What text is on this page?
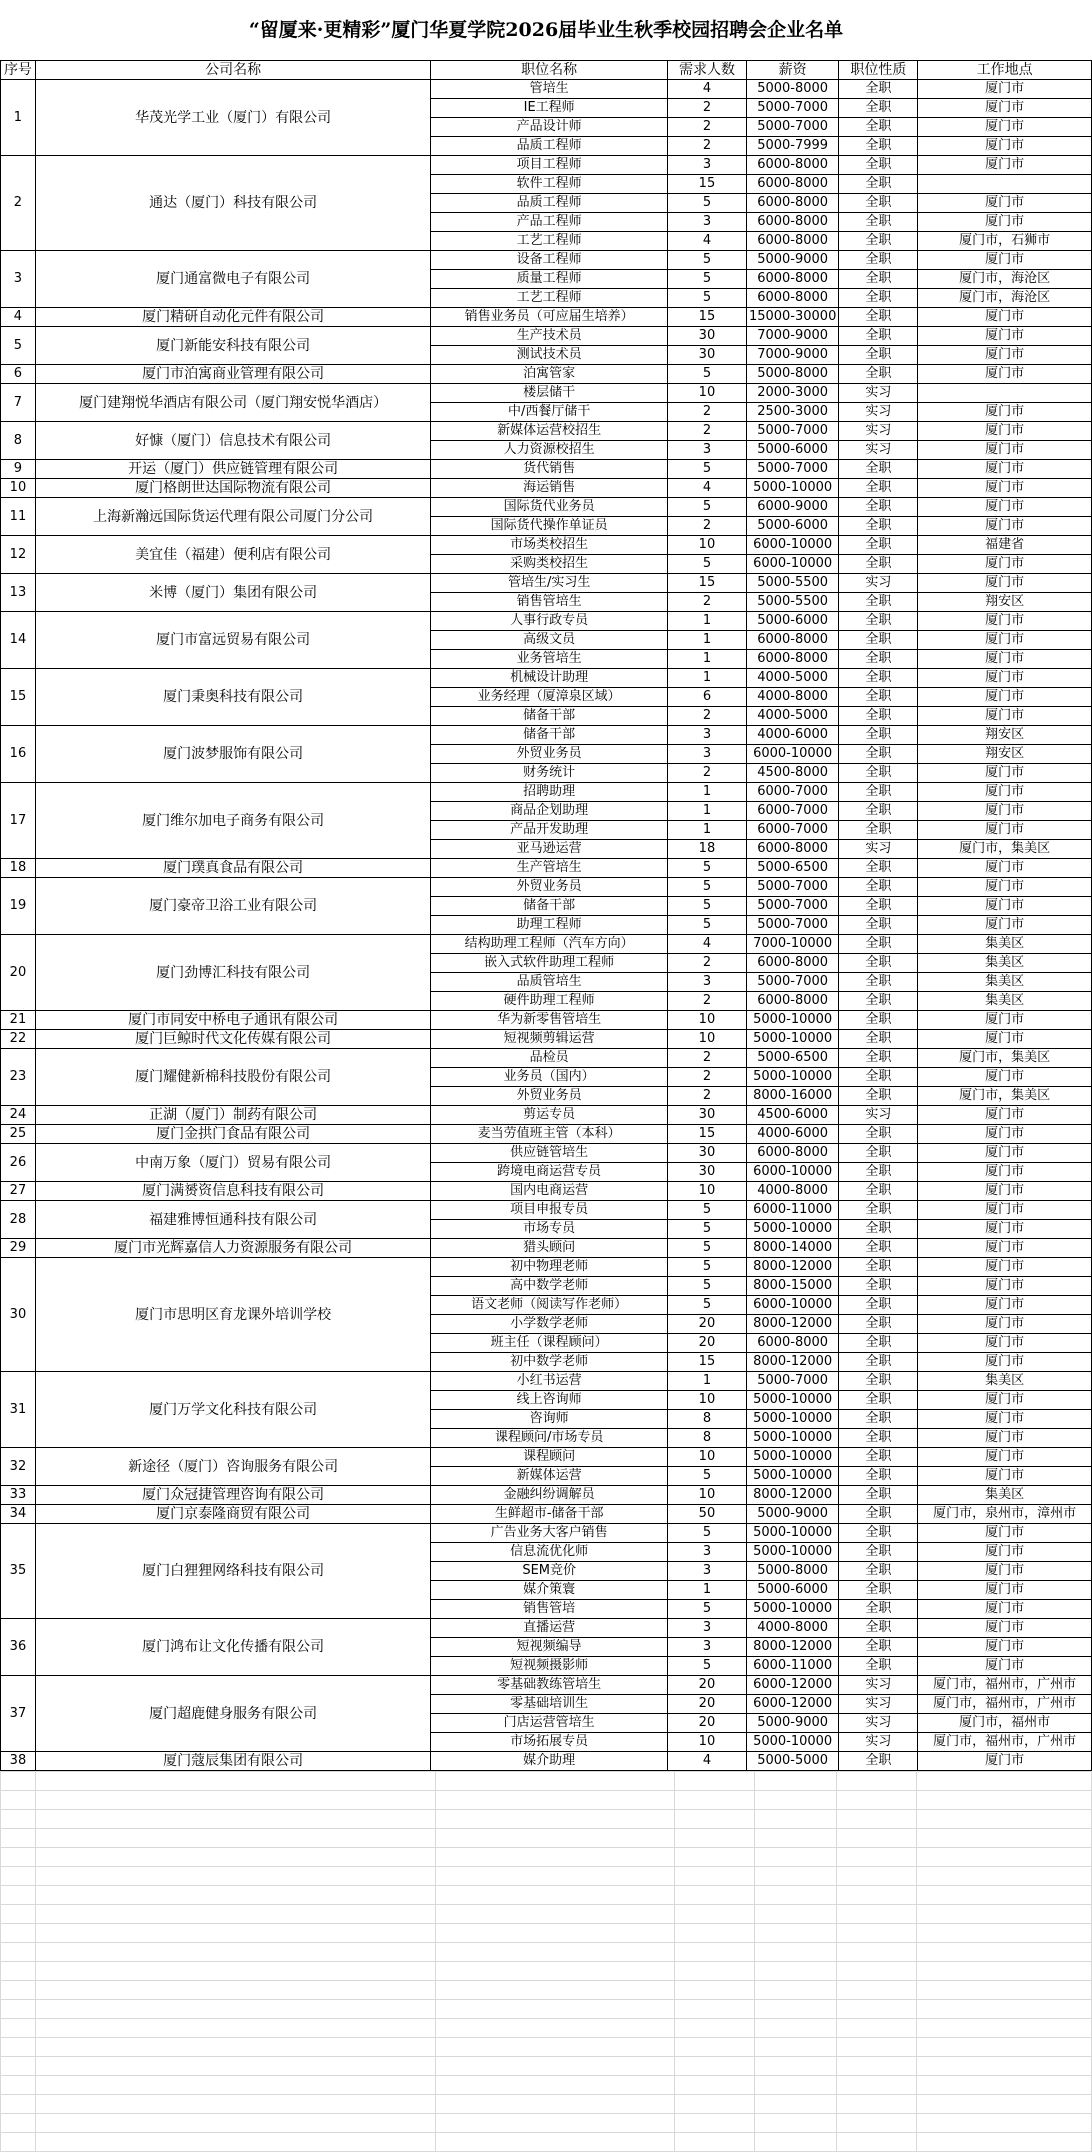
“留厦来·更精彩”厦门华夏学院2026届毕业生秋季校园招聘会企业名单
序号	公司名称	职位名称	需求人数	薪资	职位性质	工作地点
1	华茂光学工业（厦门）有限公司	管培生	4	5000-8000	全职	厦门市
		IE工程师	2	5000-7000	全职	厦门市
		产品设计师	2	5000-7000	全职	厦门市
		品质工程师	2	5000-7999	全职	厦门市
2	通达（厦门）科技有限公司	项目工程师	3	6000-8000	全职	厦门市
		软件工程师	15	6000-8000	全职	
		品质工程师	5	6000-8000	全职	厦门市
		产品工程师	3	6000-8000	全职	厦门市
		工艺工程师	4	6000-8000	全职	厦门市，石狮市
3	厦门通富微电子有限公司	设备工程师	5	5000-9000	全职	厦门市
		质量工程师	5	6000-8000	全职	厦门市，海沧区
		工艺工程师	5	6000-8000	全职	厦门市，海沧区
4	厦门精研自动化元件有限公司	销售业务员（可应届生培养）	15	15000-30000	全职	厦门市
5	厦门新能安科技有限公司	生产技术员	30	7000-9000	全职	厦门市
		测试技术员	30	7000-9000	全职	厦门市
6	厦门市泊寓商业管理有限公司	泊寓管家	5	5000-8000	全职	厦门市
7	厦门建翔悦华酒店有限公司（厦门翔安悦华酒店）	楼层储干	10	2000-3000	实习	
		中/西餐厅储干	2	2500-3000	实习	厦门市
8	好慷（厦门）信息技术有限公司	新媒体运营校招生	2	5000-7000	实习	厦门市
		人力资源校招生	3	5000-6000	实习	厦门市
9	开运（厦门）供应链管理有限公司	货代销售	5	5000-7000	全职	厦门市
10	厦门格朗世达国际物流有限公司	海运销售	4	5000-10000	全职	厦门市
11	上海新瀚远国际货运代理有限公司厦门分公司	国际货代业务员	5	6000-9000	全职	厦门市
		国际货代操作单证员	2	5000-6000	全职	厦门市
12	美宜佳（福建）便利店有限公司	市场类校招生	10	6000-10000	全职	福建省
		采购类校招生	5	6000-10000	全职	厦门市
13	米博（厦门）集团有限公司	管培生/实习生	15	5000-5500	实习	厦门市
		销售管培生	2	5000-5500	全职	翔安区
14	厦门市富远贸易有限公司	人事行政专员	1	5000-6000	全职	厦门市
		高级文员	1	6000-8000	全职	厦门市
		业务管培生	1	6000-8000	全职	厦门市
15	厦门秉奥科技有限公司	机械设计助理	1	4000-5000	全职	厦门市
		业务经理（厦漳泉区域）	6	4000-8000	全职	厦门市
		储备干部	2	4000-5000	全职	厦门市
16	厦门波梦服饰有限公司	储备干部	3	4000-6000	全职	翔安区
		外贸业务员	3	6000-10000	全职	翔安区
		财务统计	2	4500-8000	全职	厦门市
17	厦门维尔加电子商务有限公司	招聘助理	1	6000-7000	全职	厦门市
		商品企划助理	1	6000-7000	全职	厦门市
		产品开发助理	1	6000-7000	全职	厦门市
		亚马逊运营	18	6000-8000	实习	厦门市，集美区
18	厦门璞真食品有限公司	生产管培生	5	5000-6500	全职	厦门市
19	厦门豪帝卫浴工业有限公司	外贸业务员	5	5000-7000	全职	厦门市
		储备干部	5	5000-7000	全职	厦门市
		助理工程师	5	5000-7000	全职	厦门市
20	厦门劲博汇科技有限公司	结构助理工程师（汽车方向）	4	7000-10000	全职	集美区
		嵌入式软件助理工程师	2	6000-8000	全职	集美区
		品质管培生	3	5000-7000	全职	集美区
		硬件助理工程师	2	6000-8000	全职	集美区
21	厦门市同安中桥电子通讯有限公司	华为新零售管培生	10	5000-10000	全职	厦门市
22	厦门巨鲸时代文化传媒有限公司	短视频剪辑运营	10	5000-10000	全职	厦门市
23	厦门耀健新棉科技股份有限公司	品检员	2	5000-6500	全职	厦门市，集美区
		业务员（国内）	2	5000-10000	全职	厦门市
		外贸业务员	2	8000-16000	全职	厦门市，集美区
24	正湖（厦门）制药有限公司	剪运专员	30	4500-6000	实习	厦门市
25	厦门金拱门食品有限公司	麦当劳值班主管（本科）	15	4000-6000	全职	厦门市
26	中南万象（厦门）贸易有限公司	供应链管培生	30	6000-8000	全职	厦门市
		跨境电商运营专员	30	6000-10000	全职	厦门市
27	厦门满赟资信息科技有限公司	国内电商运营	10	4000-8000	全职	厦门市
28	福建雅博恒通科技有限公司	项目申报专员	5	6000-11000	全职	厦门市
		市场专员	5	5000-10000	全职	厦门市
29	厦门市光辉嘉信人力资源服务有限公司	猎头顾问	5	8000-14000	全职	厦门市
30	厦门市思明区育龙课外培训学校	初中物理老师	5	8000-12000	全职	厦门市
		高中数学老师	5	8000-15000	全职	厦门市
		语文老师（阅读写作老师）	5	6000-10000	全职	厦门市
		小学数学老师	20	8000-12000	全职	厦门市
		班主任（课程顾问）	20	6000-8000	全职	厦门市
		初中数学老师	15	8000-12000	全职	厦门市
31	厦门万学文化科技有限公司	小红书运营	1	5000-7000	全职	集美区
		线上咨询师	10	5000-10000	全职	厦门市
		咨询师	8	5000-10000	全职	厦门市
		课程顾问/市场专员	8	5000-10000	全职	厦门市
32	新途径（厦门）咨询服务有限公司	课程顾问	10	5000-10000	全职	厦门市
		新媒体运营	5	5000-10000	全职	厦门市
33	厦门众冠捷管理咨询有限公司	金融纠纷调解员	10	8000-12000	全职	集美区
34	厦门京泰隆商贸有限公司	生鲜超市-储备干部	50	5000-9000	全职	厦门市，泉州市，漳州市
35	厦门白狸狸网络科技有限公司	广告业务大客户销售	5	5000-10000	全职	厦门市
		信息流优化师	3	5000-10000	全职	厦门市
		SEM竞价	3	5000-8000	全职	厦门市
		媒介策寰	1	5000-6000	全职	厦门市
		销售管培	5	5000-10000	全职	厦门市
36	厦门鸿布让文化传播有限公司	直播运营	3	4000-8000	全职	厦门市
		短视频编导	3	8000-12000	全职	厦门市
		短视频摄影师	5	6000-11000	全职	厦门市
37	厦门超鹿健身服务有限公司	零基础教练管培生	20	6000-12000	实习	厦门市，福州市，广州市
		零基础培训生	20	6000-12000	实习	厦门市，福州市，广州市
		门店运营管培生	20	5000-9000	实习	厦门市，福州市
		市场拓展专员	10	5000-10000	实习	厦门市，福州市，广州市
38	厦门蔻辰集团有限公司	媒介助理	4	5000-5000	全职	厦门市
